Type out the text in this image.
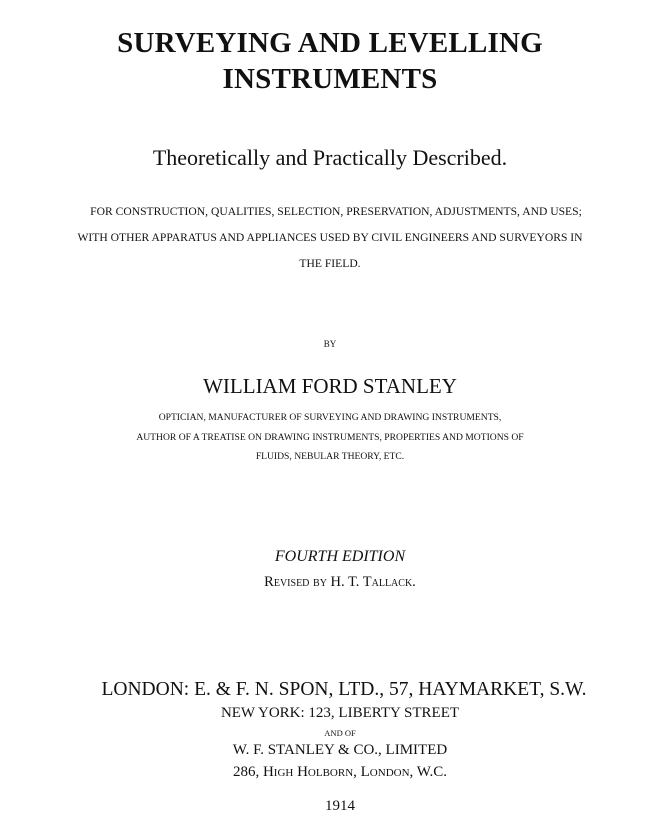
SURVEYING AND LEVELLING
INSTRUMENTS
Theoretically and Practically Described.
FOR CONSTRUCTION, QUALITIES, SELECTION, PRESERVATION, ADJUSTMENTS, AND USES;
WITH OTHER APPARATUS AND APPLIANCES USED BY CIVIL ENGINEERS AND SURVEYORS IN
THE FIELD.
BY
WILLIAM FORD STANLEY
OPTICIAN, MANUFACTURER OF SURVEYING AND DRAWING INSTRUMENTS,
AUTHOR OF A TREATISE ON DRAWING INSTRUMENTS, PROPERTIES AND MOTIONS OF
FLUIDS, NEBULAR THEORY, ETC.
FOURTH EDITION
Revised by H. T. Tallack.
LONDON: E. & F. N. SPON, LTD., 57, HAYMARKET, S.W.
NEW YORK: 123, LIBERTY STREET
AND OF
W. F. STANLEY & CO., LIMITED
286, High Holborn, London, W.C.
1914
